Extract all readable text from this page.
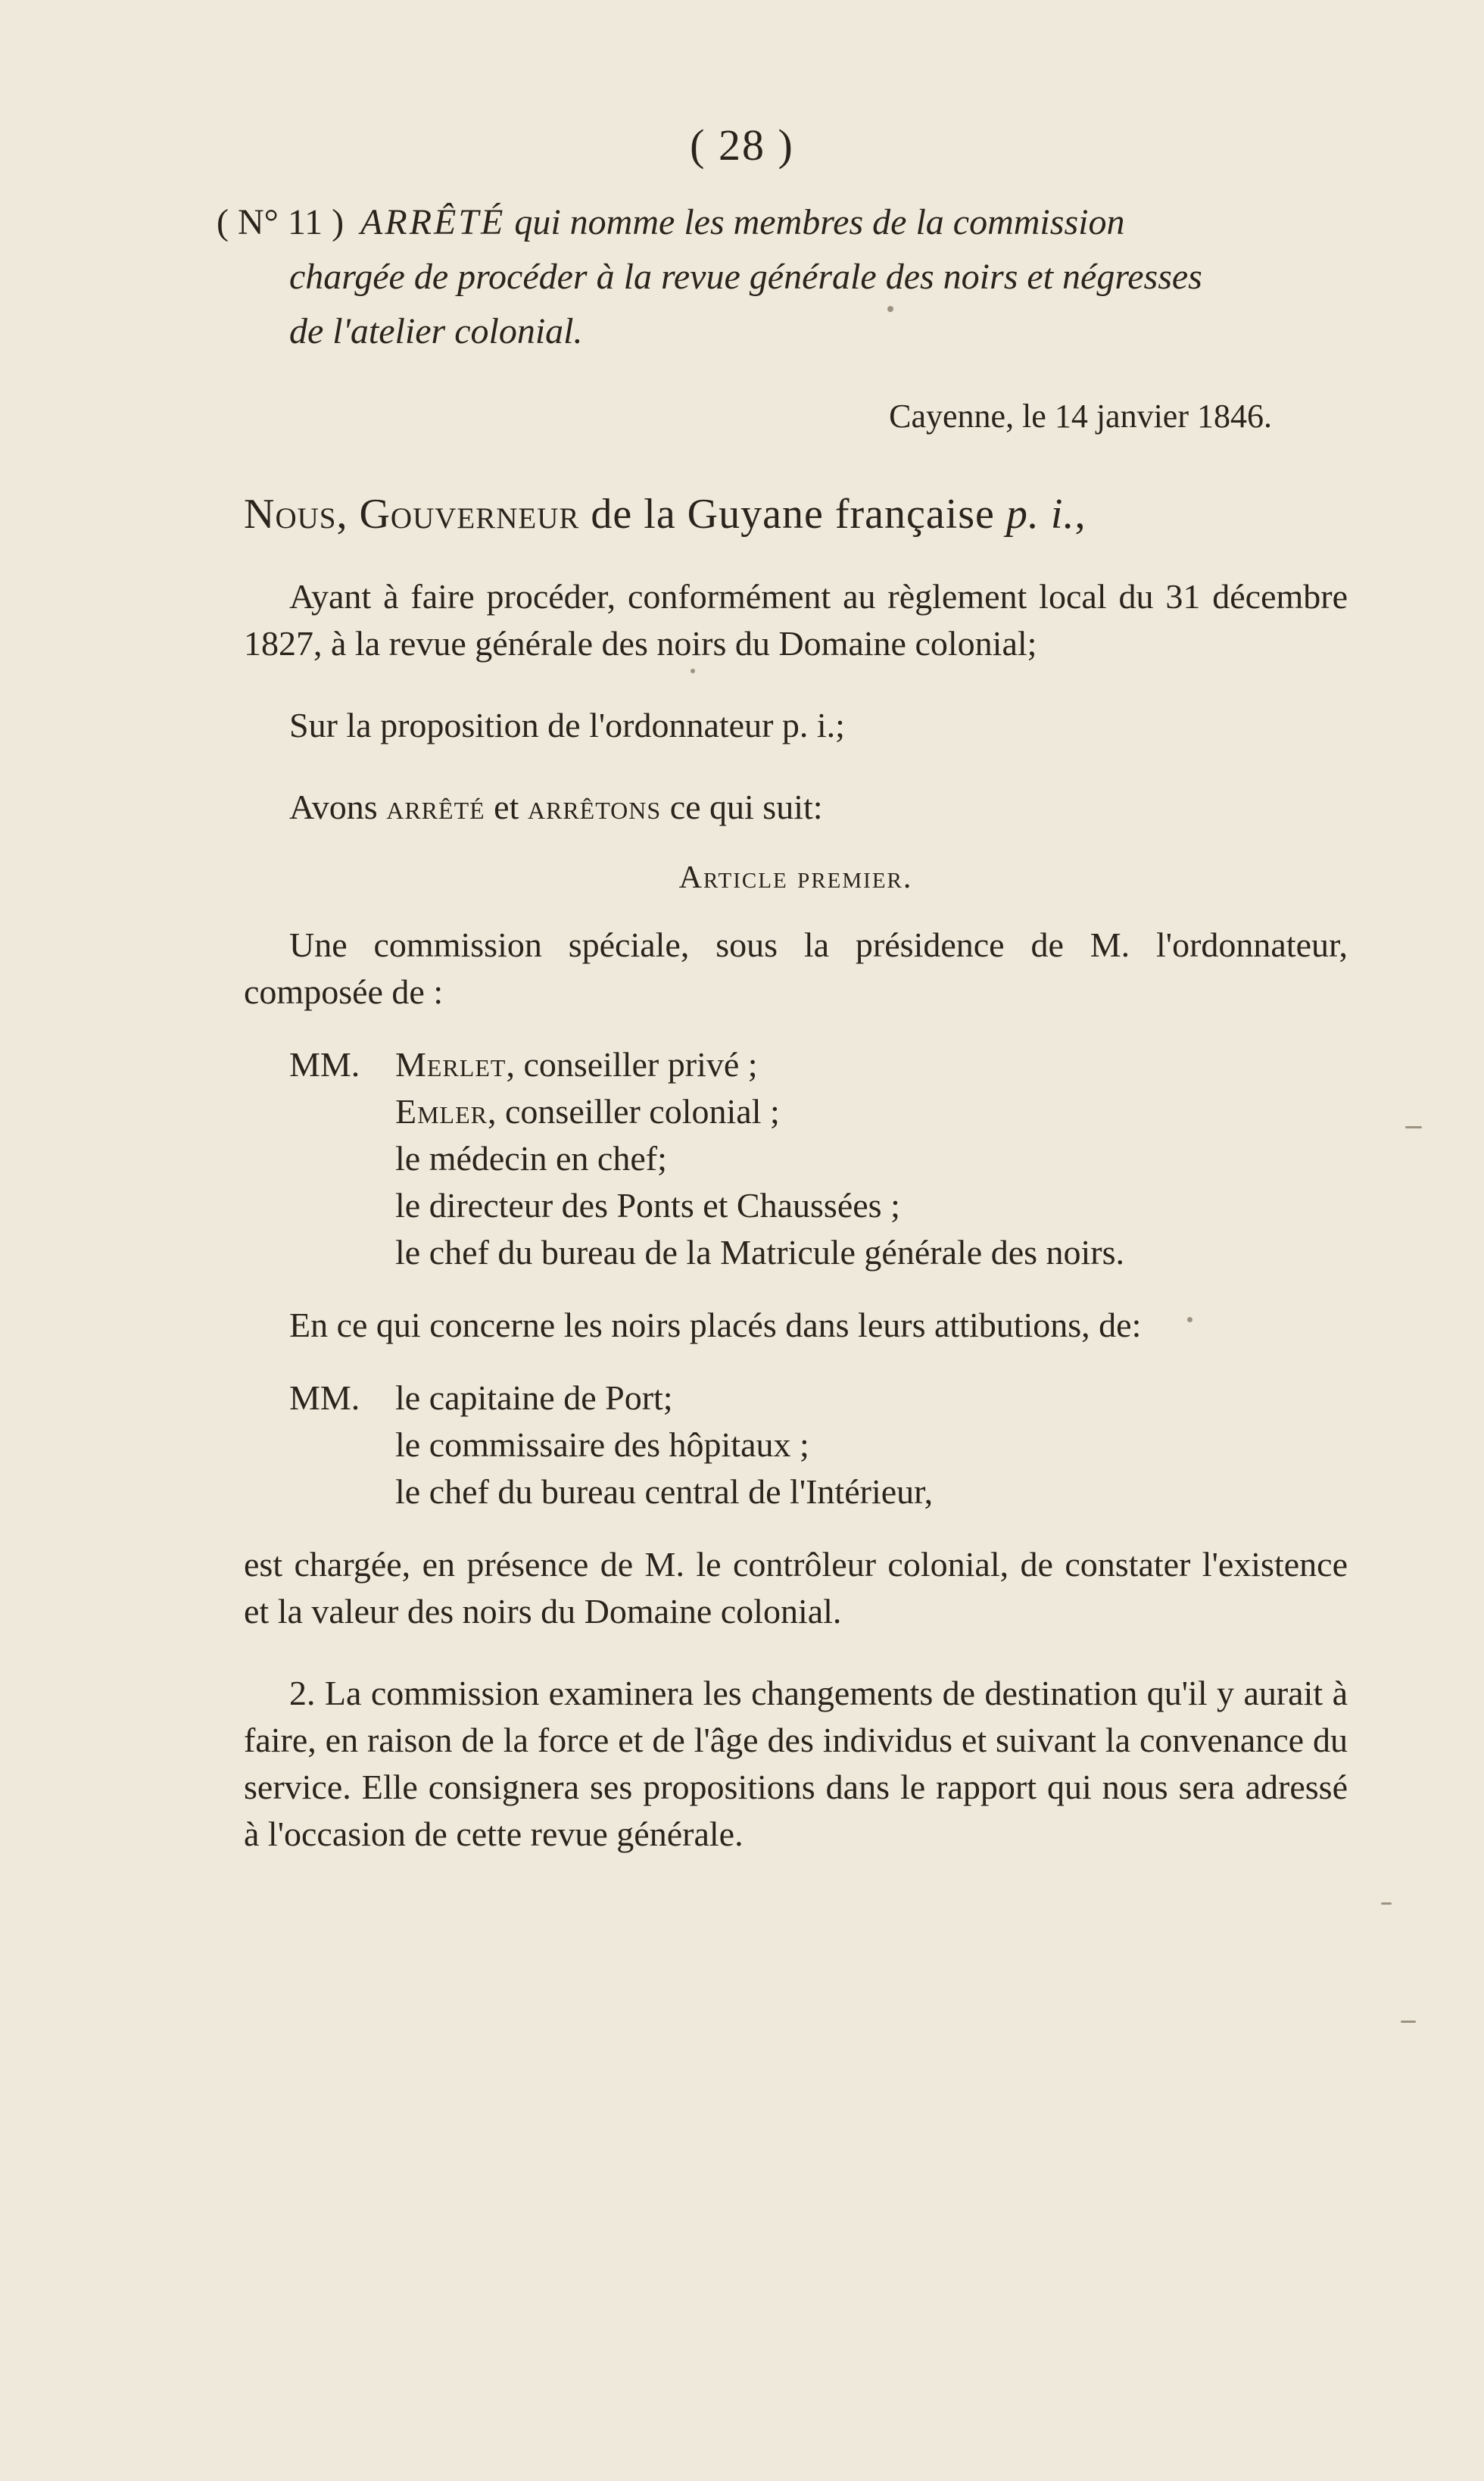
( 28 )

( N° 11 ) ARRÊTÉ qui nomme les membres de la commission

chargée de procéder à la revue générale des noirs et négresses

de l'atelier colonial.

Cayenne, le 14 janvier 1846.
Nous, Gouverneur de la Guyane française p. i.,

Ayant à faire procéder, conformément au règlement local du 31 décembre 1827, à la revue générale des noirs du Domaine colonial;

Sur la proposition de l'ordonnateur p. i.;

Avons arrêté et arrêtons ce qui suit:

Article premier.

Une commission spéciale, sous la présidence de M. l'ordonnateur, composée de :

MM.	Merlet, conseiller privé ;

Emler, conseiller colonial ;

le médecin en chef;

le directeur des Ponts et Chaussées ;

le chef du bureau de la Matricule générale des noirs.

En ce qui concerne les noirs placés dans leurs attibutions, de:

MM.	le capitaine de Port;

le commissaire des hôpitaux ;

le chef du bureau central de l'Intérieur,

est chargée, en présence de M. le contrôleur colonial, de constater l'existence et la valeur des noirs du Domaine colonial.

2. La commission examinera les changements de destination qu'il y aurait à faire, en raison de la force et de l'âge des individus et suivant la convenance du service. Elle consignera ses propositions dans le rapport qui nous sera adressé à l'occasion de cette revue générale.
